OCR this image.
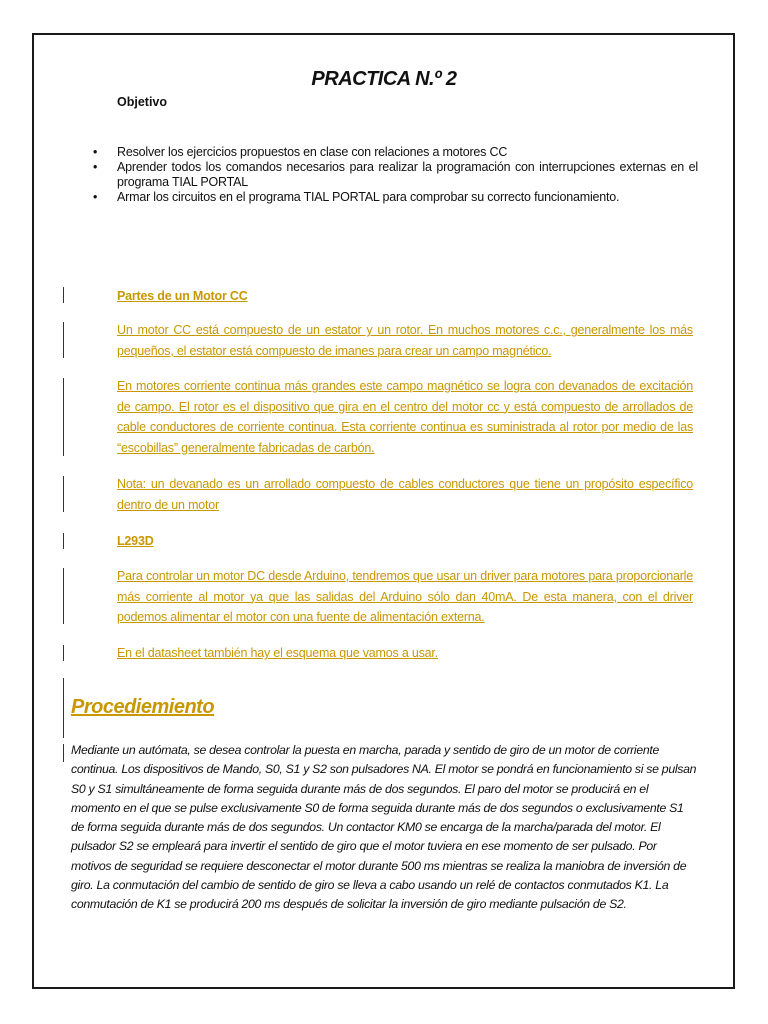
PRACTICA N.º 2
Objetivo
• Resolver los ejercicios propuestos en clase con relaciones a motores CC
• Aprender todos los comandos necesarios para realizar la programación con interrupciones externas en el programa TIAL PORTAL
• Armar los circuitos en el programa TIAL PORTAL para comprobar su correcto funcionamiento.

Partes de un Motor CC

Un motor CC está compuesto de un estator y un rotor. En muchos motores c.c., generalmente los más pequeños, el estator está compuesto de imanes para crear un campo magnético.

En motores corriente continua más grandes este campo magnético se logra con devanados de excitación de campo. El rotor es el dispositivo que gira en el centro del motor cc y está compuesto de arrollados de cable conductores de corriente continua. Esta corriente continua es suministrada al rotor por medio de las “escobillas” generalmente fabricadas de carbón.

Nota: un devanado es un arrollado compuesto de cables conductores que tiene un propósito específico dentro de un motor

L293D

Para controlar un motor DC desde Arduino, tendremos que usar un driver para motores para proporcionarle más corriente al motor ya que las salidas del Arduino sólo dan 40mA. De esta manera, con el driver podemos alimentar el motor con una fuente de alimentación externa.

En el datasheet también hay el esquema que vamos a usar.

Procediemiento

Mediante un autómata, se desea controlar la puesta en marcha, parada y sentido de giro de un motor de corriente continua. Los dispositivos de Mando, S0, S1 y S2 son pulsadores NA. El motor se pondrá en funcionamiento si se pulsan S0 y S1 simultáneamente de forma seguida durante más de dos segundos. El paro del motor se producirá en el momento en el que se pulse exclusivamente S0 de forma seguida durante más de dos segundos o exclusivamente S1 de forma seguida durante más de dos segundos. Un contactor KM0 se encarga de la marcha/parada del motor. El pulsador S2 se empleará para invertir el sentido de giro que el motor tuviera en ese momento de ser pulsado. Por motivos de seguridad se requiere desconectar el motor durante 500 ms mientras se realiza la maniobra de inversión de giro. La conmutación del cambio de sentido de giro se lleva a cabo usando un relé de contactos conmutados K1. La conmutación de K1 se producirá 200 ms después de solicitar la inversión de giro mediante pulsación de S2.
